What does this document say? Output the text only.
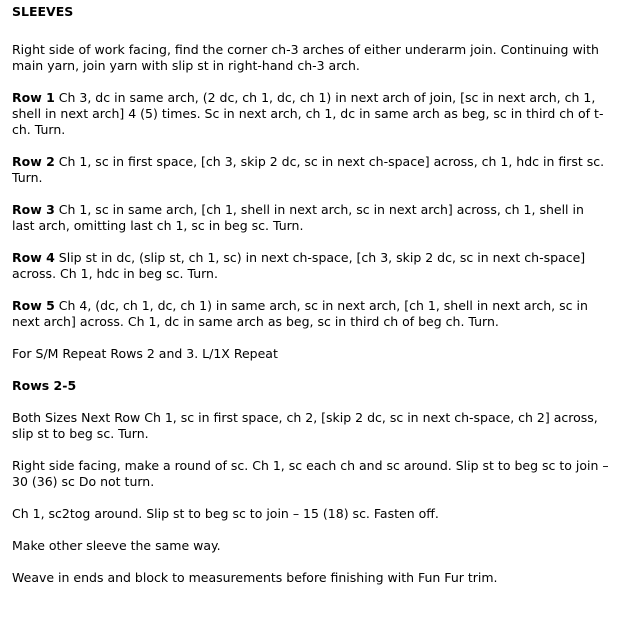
SLEEVES

Right side of work facing, find the corner ch-3 arches of either underarm join. Continuing with main yarn, join yarn with slip st in right-hand ch-3 arch.

Row 1 Ch 3, dc in same arch, (2 dc, ch 1, dc, ch 1) in next arch of join, [sc in next arch, ch 1, shell in next arch] 4 (5) times. Sc in next arch, ch 1, dc in same arch as beg, sc in third ch of t-ch. Turn.

Row 2 Ch 1, sc in first space, [ch 3, skip 2 dc, sc in next ch-space] across, ch 1, hdc in first sc. Turn.

Row 3 Ch 1, sc in same arch, [ch 1, shell in next arch, sc in next arch] across, ch 1, shell in last arch, omitting last ch 1, sc in beg sc. Turn.

Row 4 Slip st in dc, (slip st, ch 1, sc) in next ch-space, [ch 3, skip 2 dc, sc in next ch-space] across. Ch 1, hdc in beg sc. Turn.

Row 5 Ch 4, (dc, ch 1, dc, ch 1) in same arch, sc in next arch, [ch 1, shell in next arch, sc in next arch] across. Ch 1, dc in same arch as beg, sc in third ch of beg ch. Turn.

For S/M Repeat Rows 2 and 3. L/1X Repeat

Rows 2-5

Both Sizes Next Row Ch 1, sc in first space, ch 2, [skip 2 dc, sc in next ch-space, ch 2] across, slip st to beg sc. Turn.

Right side facing, make a round of sc. Ch 1, sc each ch and sc around. Slip st to beg sc to join – 30 (36) sc Do not turn.

Ch 1, sc2tog around. Slip st to beg sc to join – 15 (18) sc. Fasten off.

Make other sleeve the same way.

Weave in ends and block to measurements before finishing with Fun Fur trim.
